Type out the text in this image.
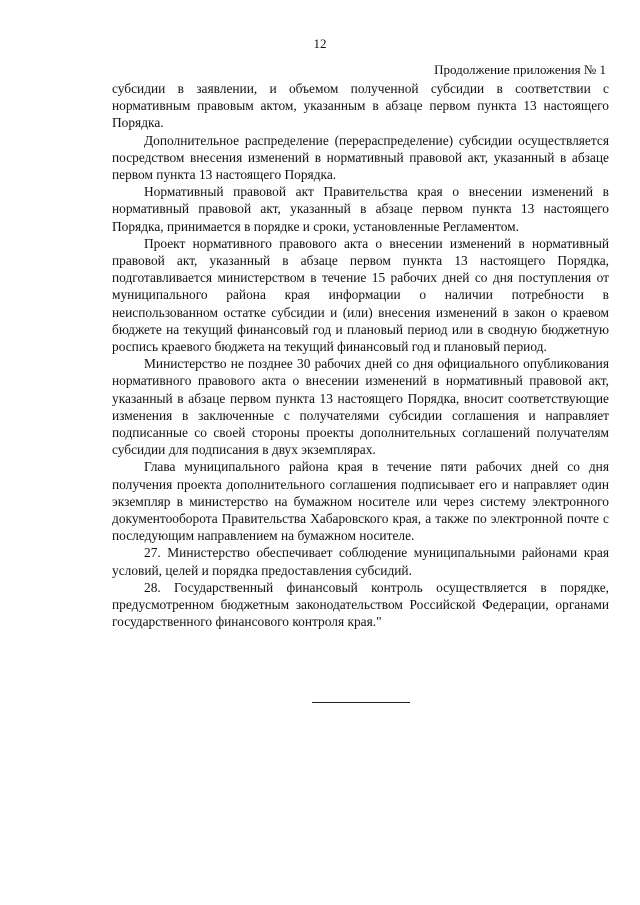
12
Продолжение приложения № 1

субсидии в заявлении, и объемом полученной субсидии в соответствии с нормативным правовым актом, указанным в абзаце первом пункта 13 настоящего Порядка.

Дополнительное распределение (перераспределение) субсидии осуществляется посредством внесения изменений в нормативный правовой акт, указанный в абзаце первом пункта 13 настоящего Порядка.

Нормативный правовой акт Правительства края о внесении изменений в нормативный правовой акт, указанный в абзаце первом пункта 13 настоящего Порядка, принимается в порядке и сроки, установленные Регламентом.

Проект нормативного правового акта о внесении изменений в нормативный правовой акт, указанный в абзаце первом пункта 13 настоящего Порядка, подготавливается министерством в течение 15 рабочих дней со дня поступления от муниципального района края информации о наличии потребности в неиспользованном остатке субсидии и (или) внесения изменений в закон о краевом бюджете на текущий финансовый год и плановый период или в сводную бюджетную роспись краевого бюджета на текущий финансовый год и плановый период.

Министерство не позднее 30 рабочих дней со дня официального опубликования нормативного правового акта о внесении изменений в нормативный правовой акт, указанный в абзаце первом пункта 13 настоящего Порядка, вносит соответствующие изменения в заключенные с получателями субсидии соглашения и направляет подписанные со своей стороны проекты дополнительных соглашений получателям субсидии для подписания в двух экземплярах.

Глава муниципального района края в течение пяти рабочих дней со дня получения проекта дополнительного соглашения подписывает его и направляет один экземпляр в министерство на бумажном носителе или через систему электронного документооборота Правительства Хабаровского края, а также по электронной почте с последующим направлением на бумажном носителе.

27. Министерство обеспечивает соблюдение муниципальными районами края условий, целей и порядка предоставления субсидий.

28. Государственный финансовый контроль осуществляется в порядке, предусмотренном бюджетным законодательством Российской Федерации, органами государственного финансового контроля края."
